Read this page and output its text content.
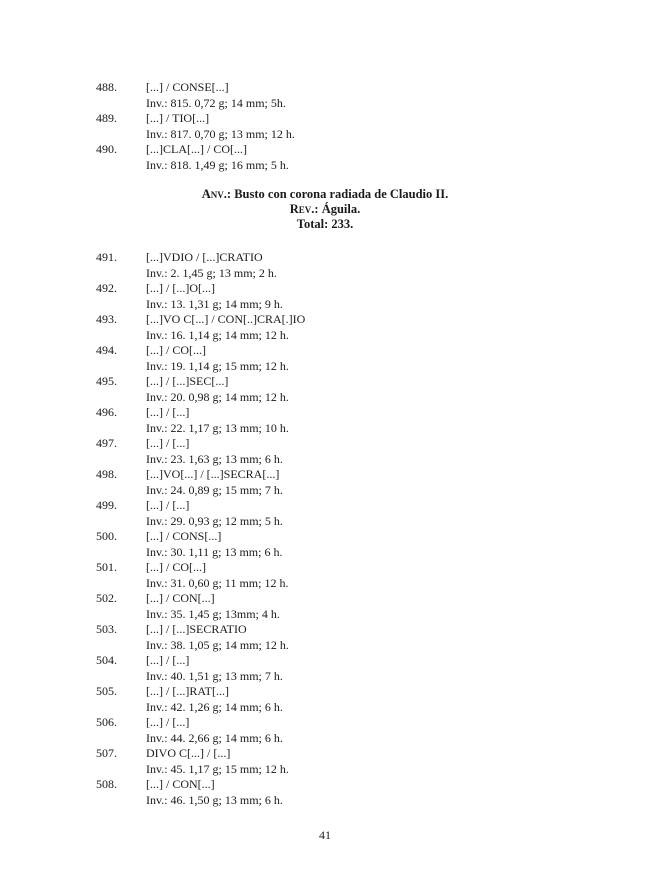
488. [...] / CONSE[...]
Inv.: 815. 0,72 g; 14 mm; 5h.
489. [...] / TIO[...]
Inv.: 817. 0,70 g; 13 mm; 12 h.
490. [...]CLA[...] / CO[...]
Inv.: 818. 1,49 g; 16 mm; 5 h.
Anv.: Busto con corona radiada de Claudio II.
Rev.: Águila.
Total: 233.
491. [...]VDIO / [...]CRATIO
Inv.: 2. 1,45 g; 13 mm; 2 h.
492. [...] / [...]O[...]
Inv.: 13. 1,31 g; 14 mm; 9 h.
493. [...]VO C[...] / CON[..]CRA[.]IO
Inv.: 16. 1,14 g; 14 mm; 12 h.
494. [...] / CO[...]
Inv.: 19. 1,14 g; 15 mm; 12 h.
495. [...] / [...]SEC[...]
Inv.: 20. 0,98 g; 14 mm; 12 h.
496. [...] / [...]
Inv.: 22. 1,17 g; 13 mm; 10 h.
497. [...] / [...]
Inv.: 23. 1,63 g; 13 mm; 6 h.
498. [...]VO[...] / [...]SECRA[...]
Inv.: 24. 0,89 g; 15 mm; 7 h.
499. [...] / [...]
Inv.: 29. 0,93 g; 12 mm; 5 h.
500. [...] / CONS[...]
Inv.: 30. 1,11 g; 13 mm; 6 h.
501. [...] / CO[...]
Inv.: 31. 0,60 g; 11 mm; 12 h.
502. [...] / CON[...]
Inv.: 35. 1,45 g; 13mm; 4 h.
503. [...] / [...]SECRATIO
Inv.: 38. 1,05 g; 14 mm; 12 h.
504. [...] / [...]
Inv.: 40. 1,51 g; 13 mm; 7 h.
505. [...] / [...]RAT[...]
Inv.: 42. 1,26 g; 14 mm; 6 h.
506. [...] / [...]
Inv.: 44. 2,66 g; 14 mm; 6 h.
507. DIVO C[...] / [...]
Inv.: 45. 1,17 g; 15 mm; 12 h.
508. [...] / CON[...]
Inv.: 46. 1,50 g; 13 mm; 6 h.
41
